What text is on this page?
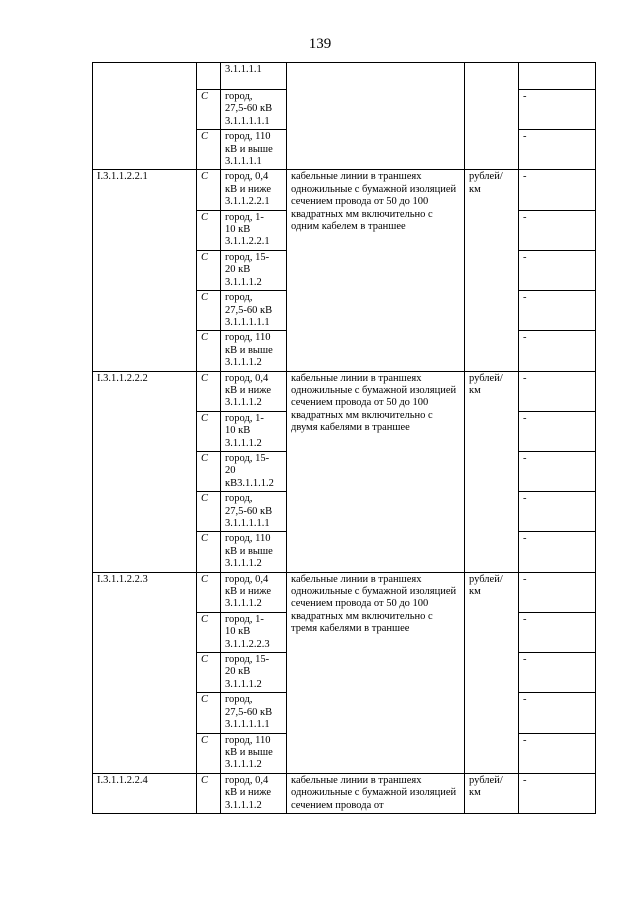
139
		3.1.1.1.1			
	C	город,
27,5-60 кВ
3.1.1.1.1.1			-
	C	город, 110
кВ и выше
3.1.1.1.1			-
I.3.1.1.2.2.1	C	город, 0,4
кВ и ниже
3.1.1.2.2.1	кабельные линии в траншеях одножильные с бумажной изоляцией сечением провода от 50 до 100 квадратных мм включительно с одним кабелем в траншее	рублей/
км	-
	C	город, 1-
10 кВ
3.1.1.2.2.1			-
	C	город, 15-
20 кВ
3.1.1.1.2			-
	C	город,
27,5-60 кВ
3.1.1.1.1.1			-
	C	город, 110
кВ и выше
3.1.1.1.2			-
I.3.1.1.2.2.2	C	город, 0,4
кВ и ниже
3.1.1.1.2	кабельные линии в траншеях одножильные с бумажной изоляцией сечением провода от 50 до 100 квадратных мм включительно с двумя кабелями в траншее	рублей/
км	-
	C	город, 1-
10 кВ
3.1.1.1.2			-
	C	город, 15-
20
кВ3.1.1.1.2			-
	C	город,
27,5-60 кВ
3.1.1.1.1.1			-
	C	город, 110
кВ и выше
3.1.1.1.2			-
I.3.1.1.2.2.3	C	город, 0,4
кВ и ниже
3.1.1.1.2	кабельные линии в траншеях одножильные с бумажной изоляцией сечением провода от 50 до 100 квадратных мм включительно с тремя кабелями в траншее	рублей/
км	-
	C	город, 1-
10 кВ
3.1.1.2.2.3			-
	C	город, 15-
20 кВ
3.1.1.1.2			-
	C	город,
27,5-60 кВ
3.1.1.1.1.1			-
	C	город, 110
кВ и выше
3.1.1.1.2			-
I.3.1.1.2.2.4	C	город, 0,4
кВ и ниже
3.1.1.1.2	кабельные линии в траншеях одножильные с бумажной изоляцией сечением провода от	рублей/
км	-
